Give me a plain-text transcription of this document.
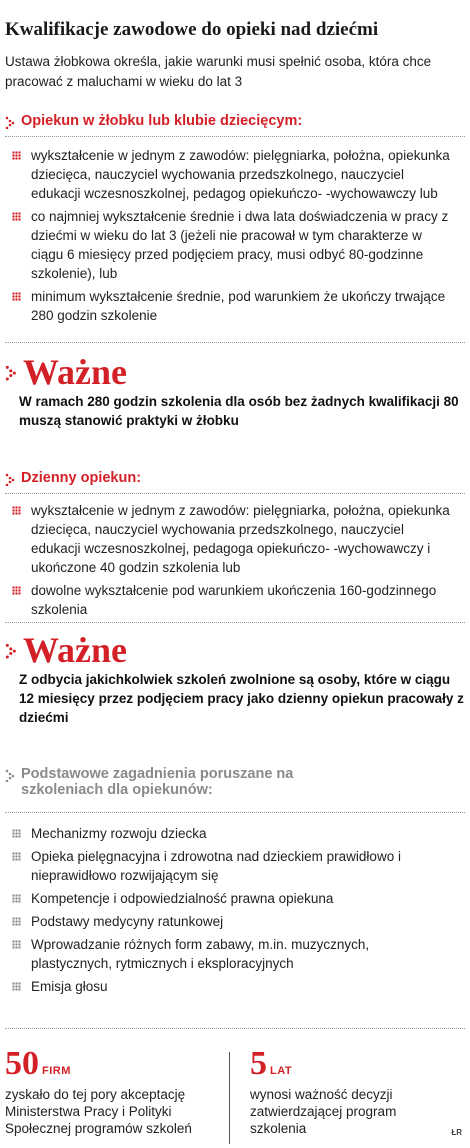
Kwalifikacje zawodowe do opieki nad dziećmi
Ustawa żłobkowa określa, jakie warunki musi spełnić osoba, która chce pracować z maluchami w wieku do lat 3
Opiekun w żłobku lub klubie dziecięcym:
wykształcenie w jednym z zawodów: pielęgniarka, położna, opiekunka dziecięca, nauczyciel wychowania przedszkolnego, nauczyciel edukacji wczesnoszkolnej, pedagog opiekuńczo- -wychowawczy lub
co najmniej wykształcenie średnie i dwa lata doświadczenia w pracy z dziećmi w wieku do lat 3 (jeżeli nie pracował w tym charakterze w ciągu 6 miesięcy przed podjęciem pracy, musi odbyć 80-godzinne szkolenie), lub
minimum wykształcenie średnie, pod warunkiem że ukończy trwające 280 godzin szkolenie
Ważne
W ramach 280 godzin szkolenia dla osób bez żadnych kwalifikacji 80 muszą stanowić praktyki w żłobku
Dzienny opiekun:
wykształcenie w jednym z zawodów: pielęgniarka, położna, opiekunka dziecięca, nauczyciel wychowania przedszkolnego, nauczyciel edukacji wczesnoszkolnej, pedagoga opiekuńczo- -wychowawczy i ukończone 40 godzin szkolenia lub
dowolne wykształcenie pod warunkiem ukończenia 160-godzinnego szkolenia
Ważne
Z odbycia jakichkolwiek szkoleń zwolnione są osoby, które w ciągu 12 miesięcy przez podjęciem pracy jako dzienny opiekun pracowały z dziećmi
Podstawowe zagadnienia poruszane na szkoleniach dla opiekunów:
Mechanizmy rozwoju dziecka
Opieka pielęgnacyjna i zdrowotna nad dzieckiem prawidłowo i nieprawidłowo rozwijającym się
Kompetencje i odpowiedzialność prawna opiekuna
Podstawy medycyny ratunkowej
Wprowadzanie różnych form zabawy, m.in. muzycznych, plastycznych, rytmicznych i eksploracyjnych
Emisja głosu
50 FIRM
zyskało do tej pory akceptację Ministerstwa Pracy i Polityki Społecznej programów szkoleń
5 LAT
wynosi ważność decyzji zatwierdzającej program szkolenia	ŁR
